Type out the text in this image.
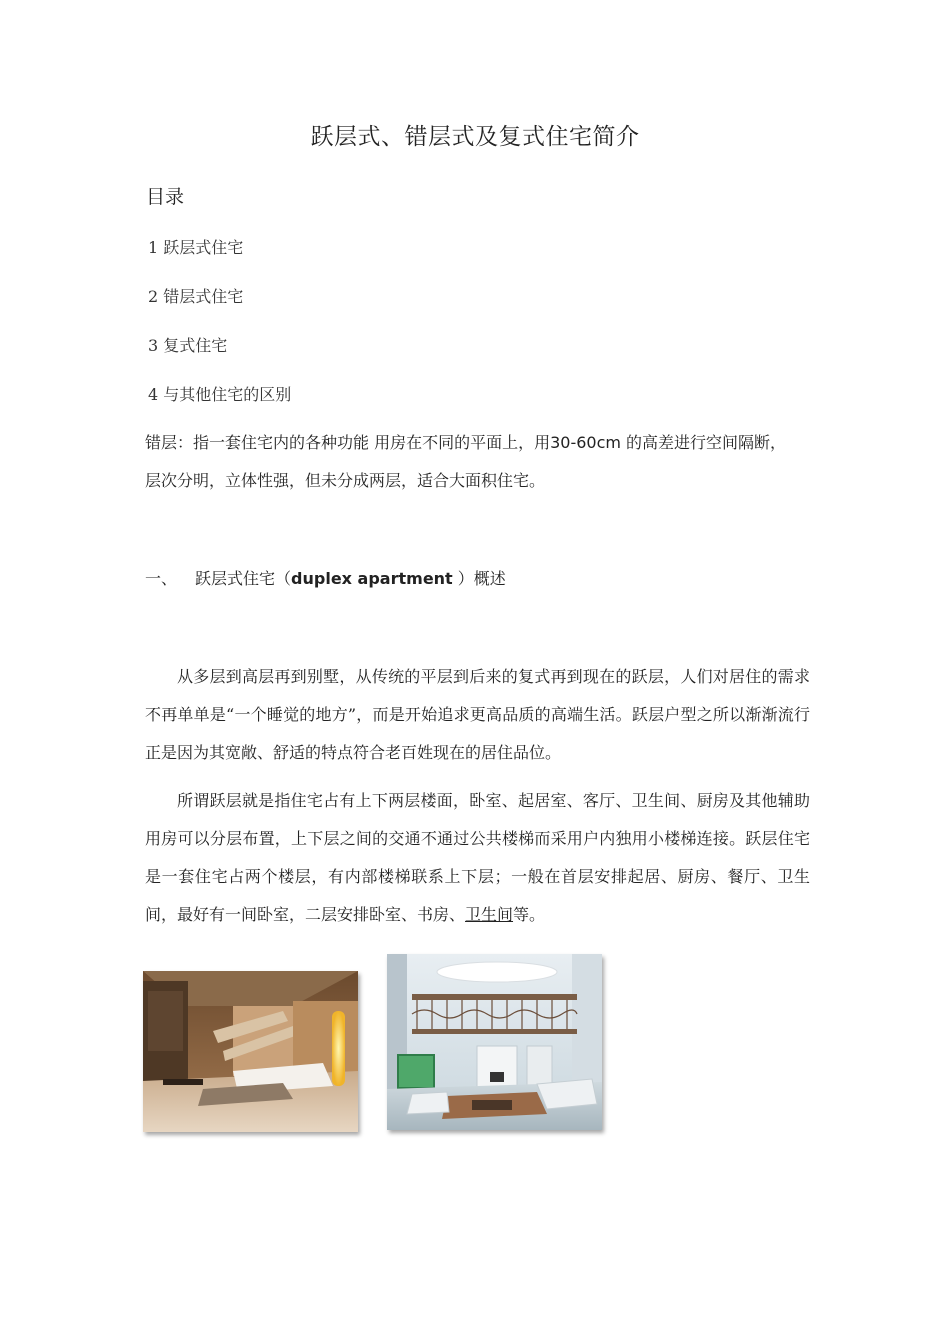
跃层式、错层式及复式住宅简介
目录
1 跃层式住宅
2 错层式住宅
3 复式住宅
4 与其他住宅的区别
错层：指一套住宅内的各种功能 用房在不同的平面上，用30-60cm 的高差进行空间隔断，
层次分明，立体性强，但未分成两层，适合大面积住宅。
一、 跃层式住宅（duplex apartment ）概述
从多层到高层再到别墅，从传统的平层到后来的复式再到现在的跃层，人们对居住的需求不再单单是“一个睡觉的地方”，而是开始追求更高品质的高端生活。跃层户型之所以渐渐流行正是因为其宽敞、舒适的特点符合老百姓现在的居住品位。
所谓跃层就是指住宅占有上下两层楼面，卧室、起居室、客厅、卫生间、厨房及其他辅助用房可以分层布置，上下层之间的交通不通过公共楼梯而采用户内独用小楼梯连接。跃层住宅是一套住宅占两个楼层，有内部楼梯联系上下层；一般在首层安排起居、厨房、餐厅、卫生间，最好有一间卧室，二层安排卧室、书房、卫生间等。
